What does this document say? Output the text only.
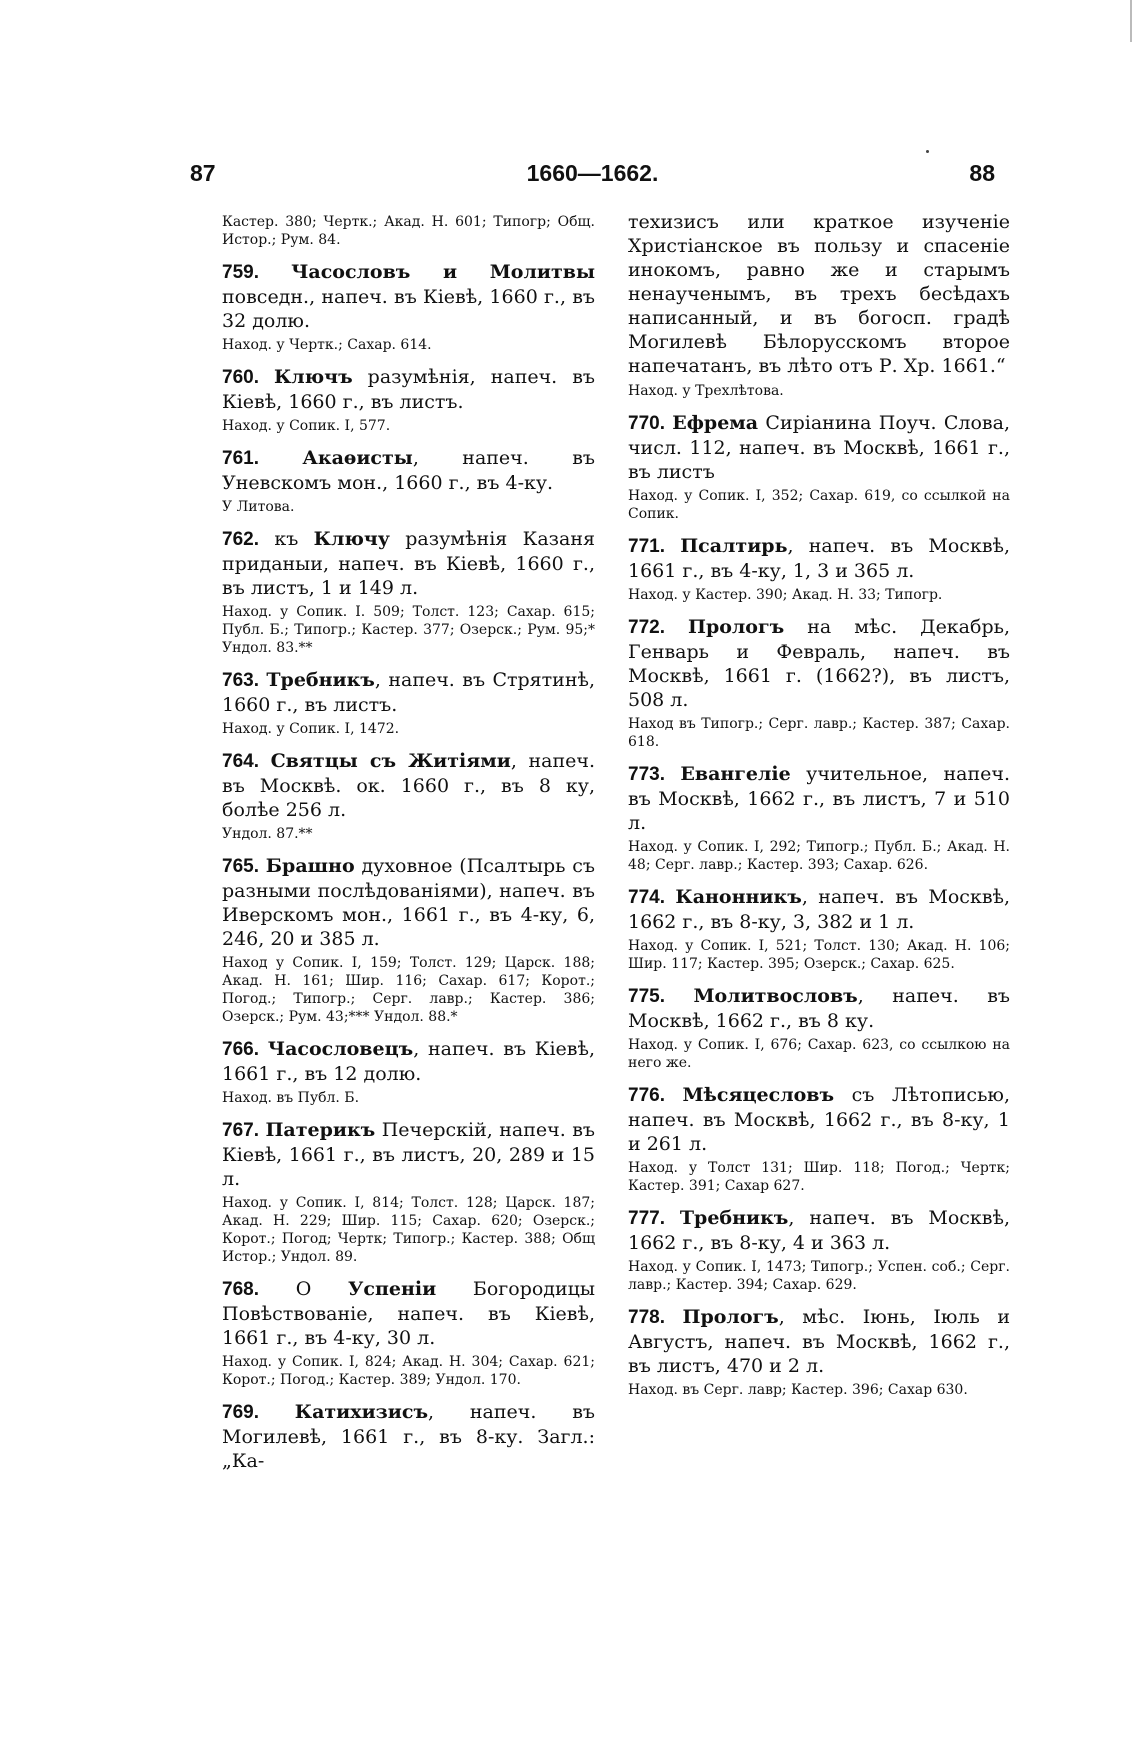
87	1660—1662.	88
Кастер. 380; Чертк.; Акад. Н. 601; Типогр; Общ. Истор.; Рум. 84.
759. Часословъ и Молитвы повседн., напеч. въ Кіевѣ, 1660 г., въ 32 долю.
Наход. у Чертк.; Сахар. 614.
760. Ключъ разумѣнія, напеч. въ Кіевѣ, 1660 г., въ листъ.
Наход. у Сопик. I, 577.
761. Акаѳисты, напеч. въ Уневскомъ мон., 1660 г., въ 4-ку.
У Литова.
762. къ Ключу разумѣнія Казаня приданыи, напеч. въ Кіевѣ, 1660 г., въ листъ, 1 и 149 л.
Наход. у Сопик. I. 509; Толст. 123; Сахар. 615; Публ. Б.; Типогр.; Кастер. 377; Озерск.; Рум. 95;* Ундол. 83.**
763. Требникъ, напеч. въ Стрятинѣ, 1660 г., въ листъ.
Наход. у Сопик. I, 1472.
764. Святцы съ Житіями, напеч. въ Москвѣ. ок. 1660 г., въ 8 ку, болѣе 256 л.
Ундол. 87.**
765. Брашно духовное (Псалтырь съ разными послѣдованіями), напеч. въ Иверскомъ мон., 1661 г., въ 4-ку, 6, 246, 20 и 385 л.
Наход у Сопик. I, 159; Толст. 129; Царск. 188; Акад. Н. 161; Шир. 116; Сахар. 617; Корот.; Погод.; Типогр.; Серг. лавр.; Кастер. 386; Озерск.; Рум. 43;*** Ундол. 88.*
766. Часословецъ, напеч. въ Кіевѣ, 1661 г., въ 12 долю.
Наход. въ Публ. Б.
767. Патерикъ Печерскій, напеч. въ Кіевѣ, 1661 г., въ листъ, 20, 289 и 15 л.
Наход. у Сопик. I, 814; Толст. 128; Царск. 187; Акад. Н. 229; Шир. 115; Сахар. 620; Озерск.; Корот.; Погод; Чертк; Типогр.; Кастер. 388; Общ Истор.; Ундол. 89.
768. О Успеніи Богородицы Повѣствованіе, напеч. въ Кіевѣ, 1661 г., въ 4-ку, 30 л.
Наход. у Сопик. I, 824; Акад. Н. 304; Сахар. 621; Корот.; Погод.; Кастер. 389; Ундол. 170.
769. Катихизисъ, напеч. въ Могилевѣ, 1661 г., въ 8-ку. Загл.: „Ка-
техизисъ или краткое изученіе Христіанское въ пользу и спасеніе инокомъ, равно же и старымъ ненаученымъ, въ трехъ бесѣдахъ написанный, и въ богосп. градѣ Могилевѣ Бѣлорусскомъ второе напечатанъ, въ лѣто отъ Р. Хр. 1661.“
Наход. у Трехлѣтова.
770. Ефрема Сиріанина Поуч. Слова, числ. 112, напеч. въ Москвѣ, 1661 г., въ листъ
Наход. у Сопик. I, 352; Сахар. 619, со ссылкой на Сопик.
771. Псалтирь, напеч. въ Москвѣ, 1661 г., въ 4-ку, 1, 3 и 365 л.
Наход. у Кастер. 390; Акад. Н. 33; Типогр.
772. Прологъ на мѣс. Декабрь, Генварь и Февраль, напеч. въ Москвѣ, 1661 г. (1662?), въ листъ, 508 л.
Наход въ Типогр.; Серг. лавр.; Кастер. 387; Сахар. 618.
773. Евангеліе учительное, напеч. въ Москвѣ, 1662 г., въ листъ, 7 и 510 л.
Наход. у Сопик. I, 292; Типогр.; Публ. Б.; Акад. Н. 48; Серг. лавр.; Кастер. 393; Сахар. 626.
774. Канонникъ, напеч. въ Москвѣ, 1662 г., въ 8-ку, 3, 382 и 1 л.
Наход. у Сопик. I, 521; Толст. 130; Акад. Н. 106; Шир. 117; Кастер. 395; Озерск.; Сахар. 625.
775. Молитвословъ, напеч. въ Москвѣ, 1662 г., въ 8 ку.
Наход. у Сопик. I, 676; Сахар. 623, со ссылкою на него же.
776. Мѣсяцесловъ съ Лѣтописью, напеч. въ Москвѣ, 1662 г., въ 8-ку, 1 и 261 л.
Наход. у Толст 131; Шир. 118; Погод.; Чертк; Кастер. 391; Сахар 627.
777. Требникъ, напеч. въ Москвѣ, 1662 г., въ 8-ку, 4 и 363 л.
Наход. у Сопик. I, 1473; Типогр.; Успен. соб.; Серг. лавр.; Кастер. 394; Сахар. 629.
778. Прологъ, мѣс. Іюнь, Іюль и Августъ, напеч. въ Москвѣ, 1662 г., въ листъ, 470 и 2 л.
Наход. въ Серг. лавр; Кастер. 396; Сахар 630.
